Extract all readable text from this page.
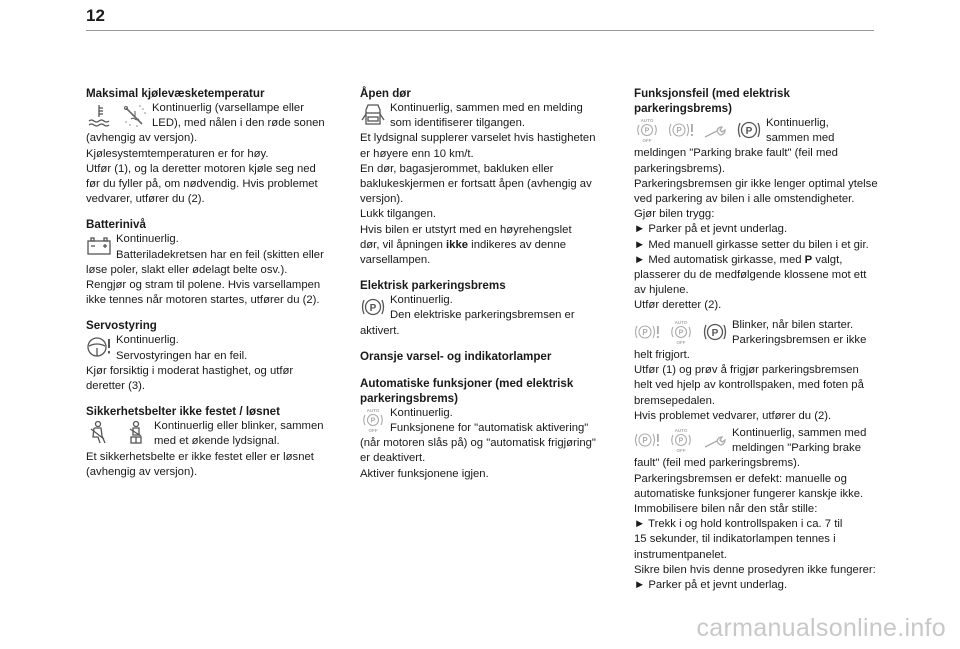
12

Maksimal kjølevæsketemperatur

Kontinuerlig (varsellampe eller

LED), med nålen i den røde sonen

(avhengig av versjon).

Kjølesystemtemperaturen er for høy.

Utfør (1), og la deretter motoren kjøle seg ned

før du fyller på, om nødvendig. Hvis problemet

vedvarer, utfører du (2).

Batterinivå

Kontinuerlig.

Batteriladekretsen har en feil (skitten eller

løse poler, slakt eller ødelagt belte osv.).

Rengjør og stram til polene. Hvis varsellampen

ikke tennes når motoren startes, utfører du (2).

Servostyring

Kontinuerlig.

Servostyringen har en feil.

Kjør forsiktig i moderat hastighet, og utfør

deretter (3).

Sikkerhetsbelter ikke festet / løsnet

Kontinuerlig eller blinker, sammen

med et økende lydsignal.

Et sikkerhetsbelte er ikke festet eller er løsnet

(avhengig av versjon).

Åpen dør

Kontinuerlig, sammen med en melding

som identifiserer tilgangen.

Et lydsignal supplerer varselet hvis hastigheten

er høyere enn 10 km/t.

En dør, bagasjerommet, bakluken eller

baklukeskjermen er fortsatt åpen (avhengig av

versjon).

Lukk tilgangen.

Hvis bilen er utstyrt med en høyrehengslet

dør, vil åpningen ikke indikeres av denne

varsellampen.

Elektrisk parkeringsbrems

P

Kontinuerlig.

Den elektriske parkeringsbremsen er

aktivert.

Oransje varsel- og indikatorlamper

Automatiske funksjoner (med elektrisk

parkeringsbrems)

AUTO
P
OFF

Kontinuerlig.

Funksjonene for "automatisk aktivering"

(når motoren slås på) og "automatisk frigjøring"

er deaktivert.

Aktiver funksjonene igjen.

Funksjonsfeil (med elektrisk

parkeringsbrems)

AUTO
P
OFF
P	P

Kontinuerlig,

sammen med

meldingen "Parking brake fault" (feil med

parkeringsbrems).

Parkeringsbremsen gir ikke lenger optimal ytelse

ved parkering av bilen i alle omstendigheter.

Gjør bilen trygg:

► Parker på et jevnt underlag.

► Med manuell girkasse setter du bilen i et gir.

► Med automatisk girkasse, med P valgt,

plasserer du de medfølgende klossene mot ett

av hjulene.

Utfør deretter (2).

P
AUTO
P
OFF
P

Blinker, når bilen starter.

Parkeringsbremsen er ikke

helt frigjort.

Utfør (1) og prøv å frigjør parkeringsbremsen

helt ved hjelp av kontrollspaken, med foten på

bremsepedalen.

Hvis problemet vedvarer, utfører du (2).

P
AUTO
P
OFF

Kontinuerlig, sammen med

meldingen "Parking brake

fault" (feil med parkeringsbrems).

Parkeringsbremsen er defekt: manuelle og

automatiske funksjoner fungerer kanskje ikke.

Immobilisere bilen når den står stille:

► Trekk i og hold kontrollspaken i ca. 7 til

15 sekunder, til indikatorlampen tennes i

instrumentpanelet.

Sikre bilen hvis denne prosedyren ikke fungerer:

► Parker på et jevnt underlag.

carmanualsonline.info
